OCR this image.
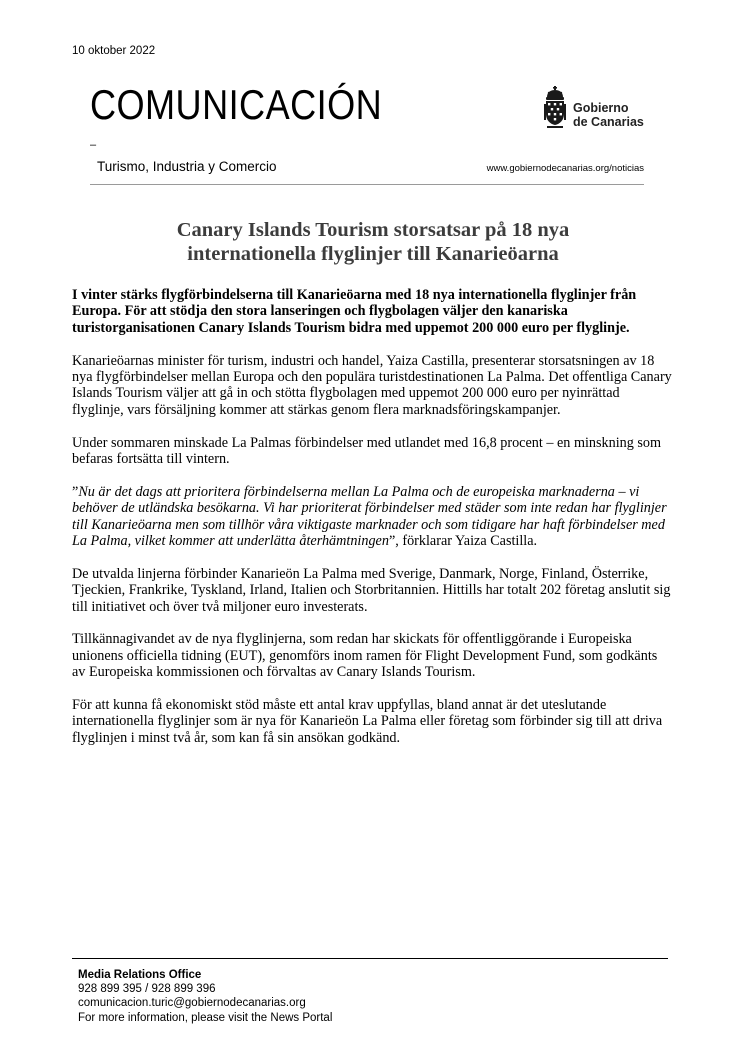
10 oktober 2022
COMUNICACIÓN
–
Turismo, Industria y Comercio	www.gobiernodecanarias.org/noticias
Gobierno
de Canarias
Canary Islands Tourism storsatsar på 18 nya
internationella flyglinjer till Kanarieöarna

I vinter stärks flygförbindelserna till Kanarieöarna med 18 nya internationella flyglinjer från Europa. För att stödja den stora lanseringen och flygbolagen väljer den kanariska turistorganisationen Canary Islands Tourism bidra med uppemot 200 000 euro per flyglinje.

Kanarieöarnas minister för turism, industri och handel, Yaiza Castilla, presenterar storsatsningen av 18 nya flygförbindelser mellan Europa och den populära turistdestinationen La Palma. Det offentliga Canary Islands Tourism väljer att gå in och stötta flygbolagen med uppemot 200 000 euro per nyinrättad flyglinje, vars försäljning kommer att stärkas genom flera marknadsföringskampanjer.

Under sommaren minskade La Palmas förbindelser med utlandet med 16,8 procent – en minskning som befaras fortsätta till vintern.

”Nu är det dags att prioritera förbindelserna mellan La Palma och de europeiska marknaderna – vi behöver de utländska besökarna. Vi har prioriterat förbindelser med städer som inte redan har flyglinjer till Kanarieöarna men som tillhör våra viktigaste marknader och som tidigare har haft förbindelser med La Palma, vilket kommer att underlätta återhämtningen”, förklarar Yaiza Castilla.

De utvalda linjerna förbinder Kanarieön La Palma med Sverige, Danmark, Norge, Finland, Österrike, Tjeckien, Frankrike, Tyskland, Irland, Italien och Storbritannien. Hittills har totalt 202 företag anslutit sig till initiativet och över två miljoner euro investerats.

Tillkännagivandet av de nya flyglinjerna, som redan har skickats för offentliggörande i Europeiska unionens officiella tidning (EUT), genomförs inom ramen för Flight Development Fund, som godkänts av Europeiska kommissionen och förvaltas av Canary Islands Tourism.

För att kunna få ekonomiskt stöd måste ett antal krav uppfyllas, bland annat är det uteslutande internationella flyglinjer som är nya för Kanarieön La Palma eller företag som förbinder sig till att driva flyglinjen i minst två år, som kan få sin ansökan godkänd.

Media Relations Office
928 899 395 / 928 899 396
comunicacion.turic@gobiernodecanarias.org
For more information, please visit the News Portal
